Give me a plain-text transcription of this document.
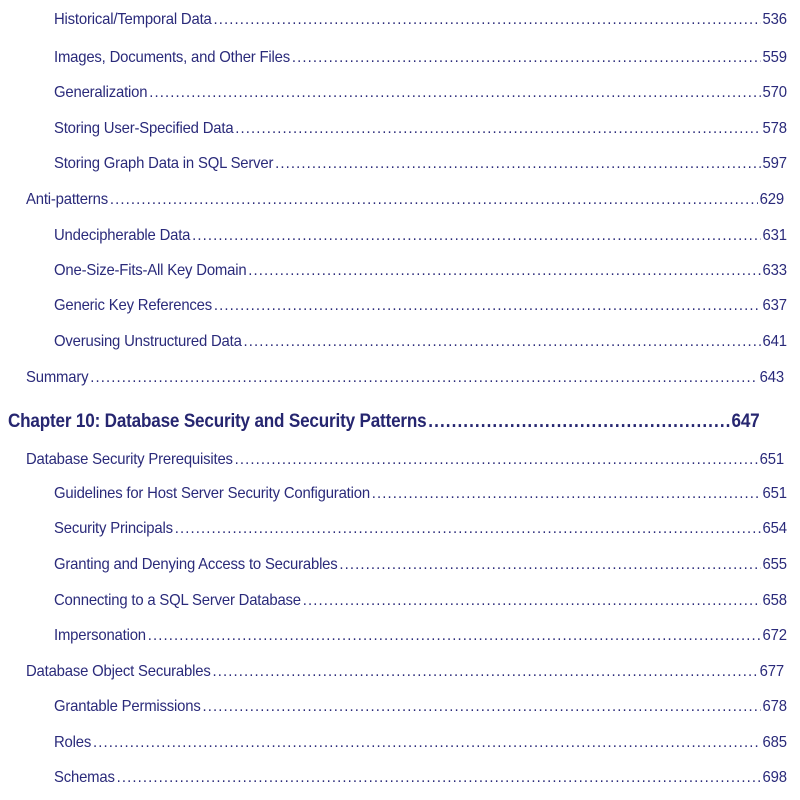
Historical/Temporal Data .....	536
Images, Documents, and Other Files .....	559
Generalization .....	570
Storing User-Specified Data .....	578
Storing Graph Data in SQL Server .....	597
Anti-patterns .....	629
Undecipherable Data .....	631
One-Size-Fits-All Key Domain .....	633
Generic Key References .....	637
Overusing Unstructured Data .....	641
Summary .....	643
Chapter 10: Database Security and Security Patterns .....	647
Database Security Prerequisites .....	651
Guidelines for Host Server Security Configuration .....	651
Security Principals .....	654
Granting and Denying Access to Securables .....	655
Connecting to a SQL Server Database .....	658
Impersonation .....	672
Database Object Securables .....	677
Grantable Permissions .....	678
Roles .....	685
Schemas .....	698
